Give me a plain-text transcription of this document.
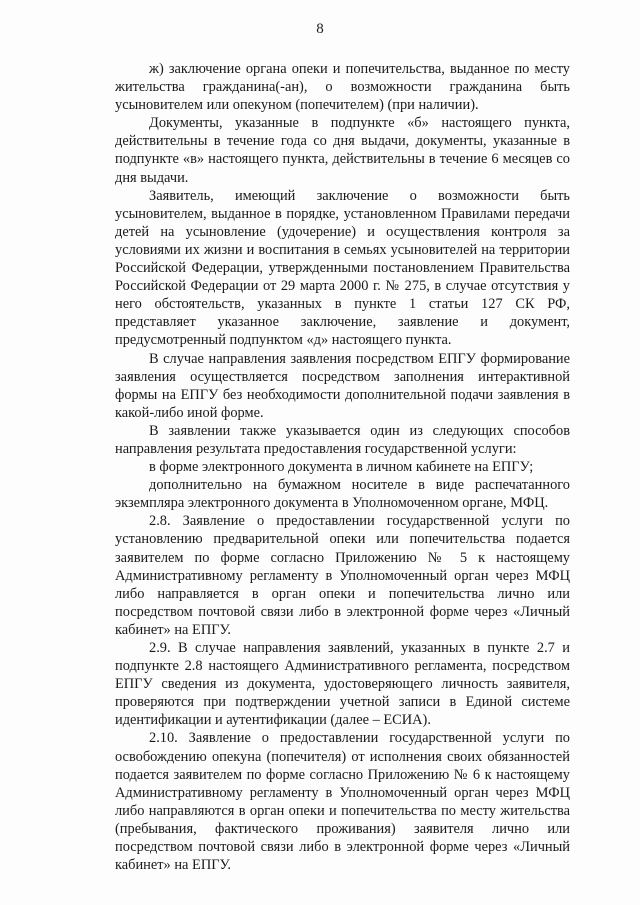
8

ж) заключение органа опеки и попечительства, выданное по месту жительства гражданина(-ан), о возможности гражданина быть усыновителем или опекуном (попечителем) (при наличии).

Документы, указанные в подпункте «б» настоящего пункта, действительны в течение года со дня выдачи, документы, указанные в подпункте «в» настоящего пункта, действительны в течение 6 месяцев со дня выдачи.

Заявитель, имеющий заключение о возможности быть усыновителем, выданное в порядке, установленном Правилами передачи детей на усыновление (удочерение) и осуществления контроля за условиями их жизни и воспитания в семьях усыновителей на территории Российской Федерации, утвержденными постановлением Правительства Российской Федерации от 29 марта 2000 г. № 275, в случае отсутствия у него обстоятельств, указанных в пункте 1 статьи 127 СК РФ, представляет указанное заключение, заявление и документ, предусмотренный подпунктом «д» настоящего пункта.

В случае направления заявления посредством ЕПГУ формирование заявления осуществляется посредством заполнения интерактивной формы на ЕПГУ без необходимости дополнительной подачи заявления в какой-либо иной форме.

В заявлении также указывается один из следующих способов направления результата предоставления государственной услуги:

в форме электронного документа в личном кабинете на ЕПГУ;

дополнительно на бумажном носителе в виде распечатанного экземпляра электронного документа в Уполномоченном органе, МФЦ.

2.8. Заявление о предоставлении государственной услуги по установлению предварительной опеки или попечительства подается заявителем по форме согласно Приложению № 5 к настоящему Административному регламенту в Уполномоченный орган через МФЦ либо направляется в орган опеки и попечительства лично или посредством почтовой связи либо в электронной форме через «Личный кабинет» на ЕПГУ.

2.9. В случае направления заявлений, указанных в пункте 2.7 и подпункте 2.8 настоящего Административного регламента, посредством ЕПГУ сведения из документа, удостоверяющего личность заявителя, проверяются при подтверждении учетной записи в Единой системе идентификации и аутентификации (далее – ЕСИА).

2.10. Заявление о предоставлении государственной услуги по освобождению опекуна (попечителя) от исполнения своих обязанностей подается заявителем по форме согласно Приложению № 6 к настоящему Административному регламенту в Уполномоченный орган через МФЦ либо направляются в орган опеки и попечительства по месту жительства (пребывания, фактического проживания) заявителя лично или посредством почтовой связи либо в электронной форме через «Личный кабинет» на ЕПГУ.
